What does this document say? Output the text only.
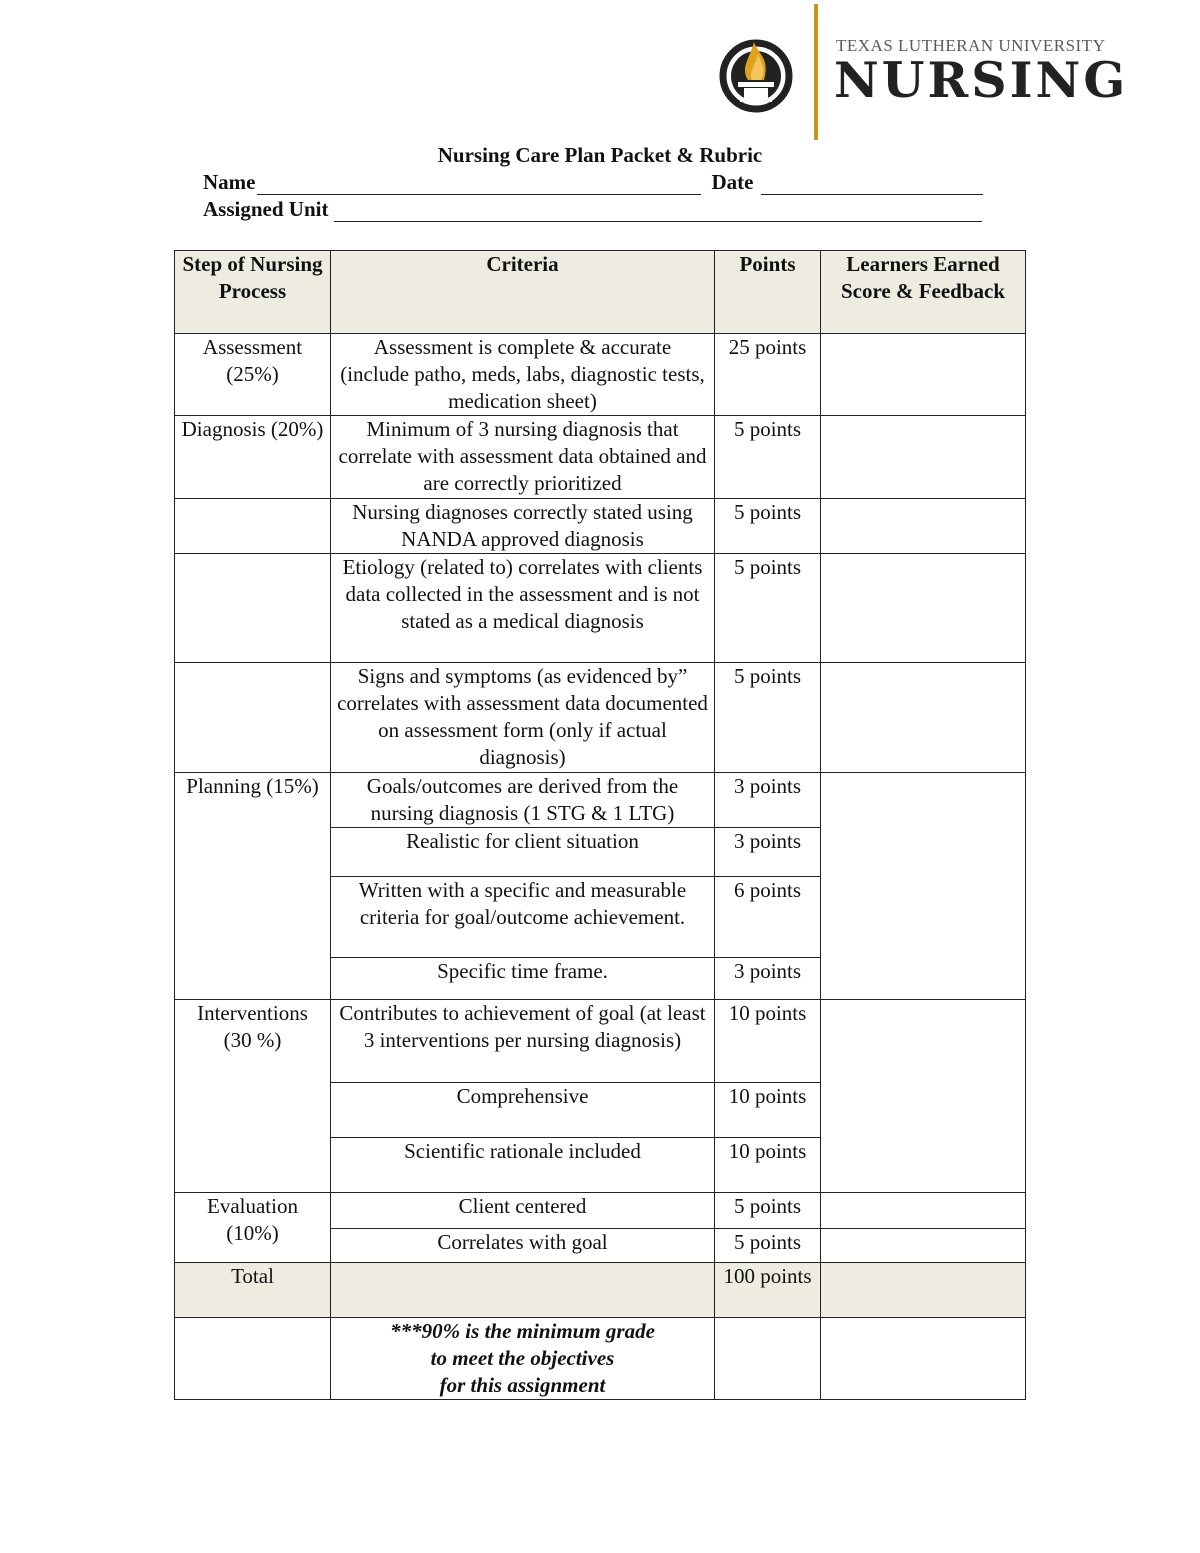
TEXAS LUTHERAN UNIVERSITY
NURSING
Nursing Care Plan Packet & Rubric
Name	Date
Assigned Unit
Step of Nursing Process	Criteria	Points	Learners Earned Score & Feedback
Assessment (25%)	Assessment is complete & accurate (include patho, meds, labs, diagnostic tests, medication sheet)	25 points	
Diagnosis (20%)	Minimum of 3 nursing diagnosis that correlate with assessment data obtained and are correctly prioritized	5 points	
	Nursing diagnoses correctly stated using NANDA approved diagnosis	5 points	
	Etiology (related to) correlates with clients data collected in the assessment and is not stated as a medical diagnosis	5 points	
	Signs and symptoms (as evidenced by” correlates with assessment data documented on assessment form (only if actual diagnosis)	5 points	
Planning (15%)	Goals/outcomes are derived from the nursing diagnosis (1 STG & 1 LTG)	3 points	
	Realistic for client situation	3 points	
	Written with a specific and measurable criteria for goal/outcome achievement.	6 points	
	Specific time frame.	3 points	
Interventions (30 %)	Contributes to achievement of goal (at least 3 interventions per nursing diagnosis)	10 points	
	Comprehensive	10 points	
	Scientific rationale included	10 points	
Evaluation (10%)	Client centered	5 points	
	Correlates with goal	5 points	
Total		100 points	

	***90% is the minimum grade
to meet the objectives
for this assignment		
